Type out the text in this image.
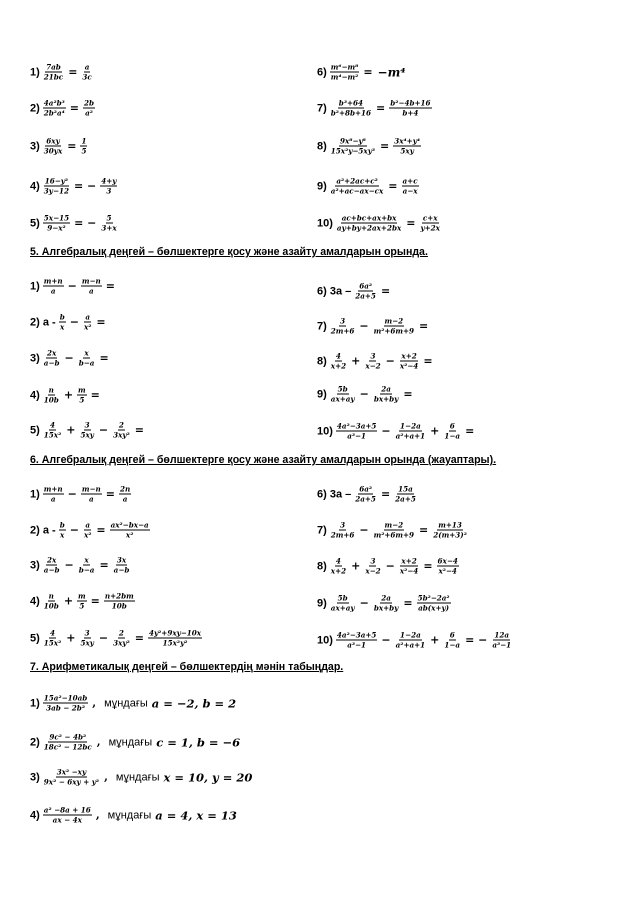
5. Алгебралық деңгей – бөлшектерге қосу және азайту амалдарын орында.
6. Алгебралық деңгей – бөлшектерге қосу және азайту амалдарын орында (жауаптары).
7. Арифметикалық деңгей – бөлшектердің мәнін табыңдар.
$1) \frac{7ab}{21bc} = \frac{a}{3c}$
$2) \frac{\text{4a²b³}}{\text{2b²a⁴}} = \frac{2b}{\text{a²}}$
$3) \frac{6xy}{30yx} = \frac{1}{5}$
$4) \frac{\text{16−y²}}{3y-12}$ = − $\frac{4+y}{3}$
$5) \frac{5x-15}{\text{9−x²}}$ = − $\frac{5}{3+x}$
$6) \frac{\text{m⁶−m⁸}}{\text{m⁴−m²}} = -m^4$
$7) \frac{\text{b³+64}}{\text{b²+8b+16}} = \frac{\text{b²−4b+16}}{b+4}$
$8) \frac{\text{9x⁸−y⁸}}{\text{15x²y−5xy³}} = \frac{\text{3x⁴+y⁴}}{5xy}$
$9) \frac{\text{a²+2ac+c²}}{\text{a²+ac−ax−cx}} = \frac{a+c}{a-x}$
$10) \frac{ac+bc+ax+bx}{ay+by+2ax+2bx} = \frac{c+x}{y+2x}$
$1) \frac{m+n}{a} - \frac{m-n}{a}$ =
2) $a - \frac{b}{x} - \frac{a}{\text{x²}}$ =
$3) \frac{2x}{a-b} - \frac{x}{b-a}$ =
$4) \frac{n}{10b} + \frac{m}{5}$ =
$5) \frac{4}{\text{15x²}} + \frac{3}{5xy} - \frac{2}{\text{3xy²}}$ =
6) $3a - \frac{\text{6a²}}{2a+5}$ =
$7) \frac{3}{2m+6} - \frac{m-2}{\text{m²+6m+9}}$ =
$8) \frac{4}{x+2} + \frac{3}{x-2} - \frac{x+2}{\text{x²−4}}$ =
$9) \frac{5b}{ax+ay} - \frac{2a}{bx+by}$ =
$10) \frac{\text{4a²−3a+5}}{\text{a³−1}} - \frac{1-2a}{\text{a²+a+1}} + \frac{6}{1-a}$ =
$1) \frac{m+n}{a} - \frac{m-n}{a} = \frac{2n}{a}$
2) $a - \frac{b}{x} - \frac{a}{\text{x²}} = \frac{\text{ax²−bx−a}}{\text{x²}}$
$3) \frac{2x}{a-b} - \frac{x}{b-a} = \frac{3x}{a-b}$
$4) \frac{n}{10b} + \frac{m}{5} = \frac{n+2bm}{10b}$
$5) \frac{4}{\text{15x²}} + \frac{3}{5xy} - \frac{2}{\text{3xy²}} = \frac{\text{4y²+9xy−10x}}{\text{15x²y²}}$
6) $3a - \frac{\text{6a²}}{2a+5} = \frac{15a}{2a+5}$
$7) \frac{3}{2m+6} - \frac{m-2}{\text{m²+6m+9}} = \frac{m+13}{\text{2(m+3)²}}$
$8) \frac{4}{x+2} + \frac{3}{x-2} - \frac{x+2}{\text{x²−4}} = \frac{6x-4}{\text{x²−4}}$
$9) \frac{5b}{ax+ay} - \frac{2a}{bx+by} = \frac{\text{5b²−2a²}}{ab(x+y)}$
$10) \frac{\text{4a²−3a+5}}{\text{a³−1}} - \frac{1-2a}{\text{a²+a+1}} + \frac{6}{1-a}$ = − $\frac{12a}{\text{a³−1}}$
$1) \frac{\text{15a²−10ab}}{\text{3ab − 2b²}}$ , мұндағы a = −2, b = 2
$2) \frac{\text{9c² − 4b²}}{\text{18c² − 12bc}}$ , мұндағы c = 1, b = −6
$3) \frac{\text{3x² −xy}}{\text{9x² − 6xy + y²}}$ , мұндағы x = 10, y = 20
$4) \frac{\text{a² −8a + 16}}{ax - 4x}$ , мұндағы a = 4, x = 13
